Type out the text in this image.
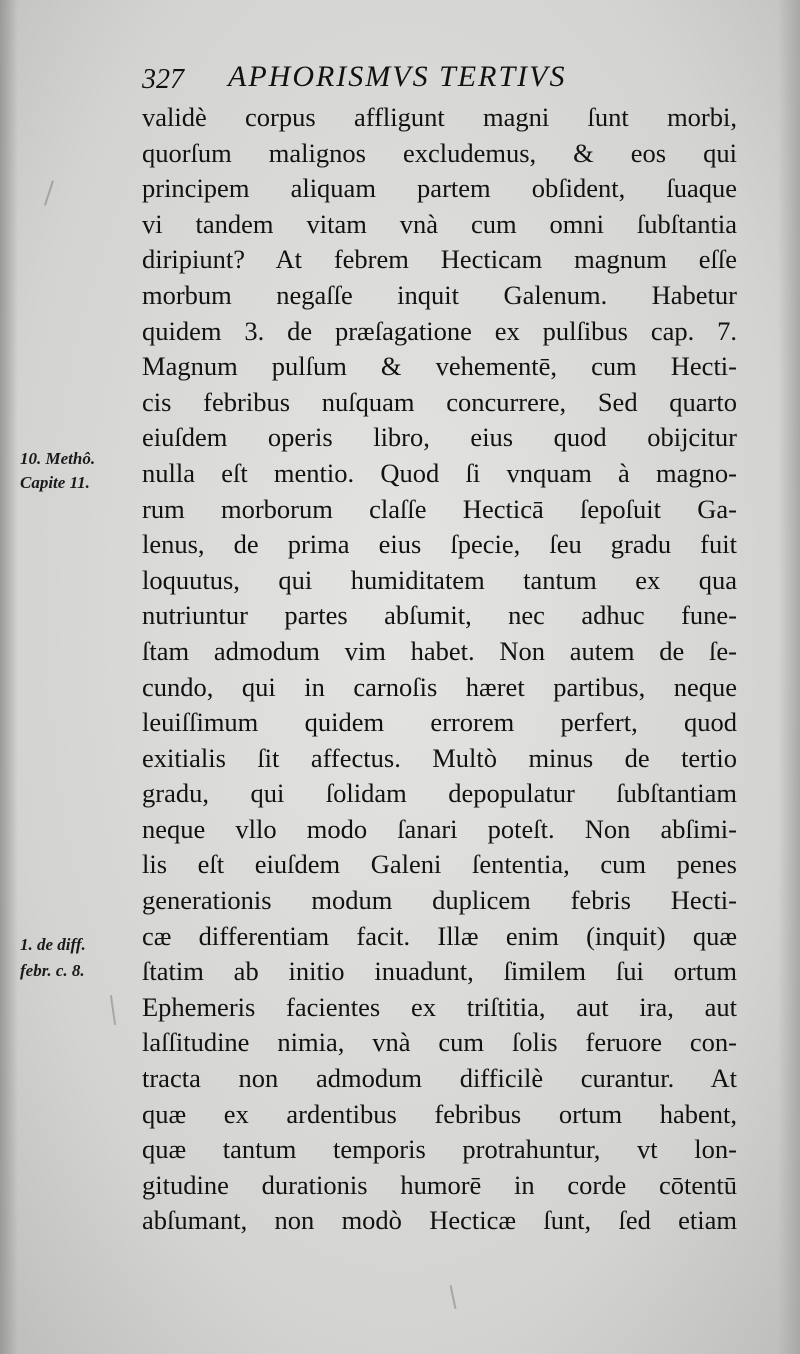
327 APHORISMVS TERTIVS
10. Methô.
Capite 11.
1. de diff.
febr. c. 8.
validè corpus affligunt magni ſunt morbi,
quorſum malignos excludemus, & eos qui
principem aliquam partem obſident, ſuaque
vi tandem vitam vnà cum omni ſubſtantia
diripiunt? At febrem Hecticam magnum eſſe
morbum negaſſe inquit Galenum. Habetur
quidem 3. de præſagatione ex pulſibus cap. 7.
Magnum pulſum & vehementē, cum Hecti-
cis febribus nuſquam concurrere, Sed quarto
eiuſdem operis libro, eius quod obijcitur
nulla eſt mentio. Quod ſi vnquam à magno-
rum morborum claſſe Hecticā ſepoſuit Ga-
lenus, de prima eius ſpecie, ſeu gradu fuit
loquutus, qui humiditatem tantum ex qua
nutriuntur partes abſumit, nec adhuc fune-
ſtam admodum vim habet. Non autem de ſe-
cundo, qui in carnoſis hæret partibus, neque
leuiſſimum quidem errorem perfert, quod
exitialis ſit affectus. Multò minus de tertio
gradu, qui ſolidam depopulatur ſubſtantiam
neque vllo modo ſanari poteſt. Non abſimi-
lis eſt eiuſdem Galeni ſententia, cum penes
generationis modum duplicem febris Hecti-
cæ differentiam facit. Illæ enim (inquit) quæ
ſtatim ab initio inuadunt, ſimilem ſui ortum
Ephemeris facientes ex triſtitia, aut ira, aut
laſſitudine nimia, vnà cum ſolis feruore con-
tracta non admodum difficilè curantur. At
quæ ex ardentibus febribus ortum habent,
quæ tantum temporis protrahuntur, vt lon-
gitudine durationis humorē in corde cōtentū
abſumant, non modò Hecticæ ſunt, ſed etiam
